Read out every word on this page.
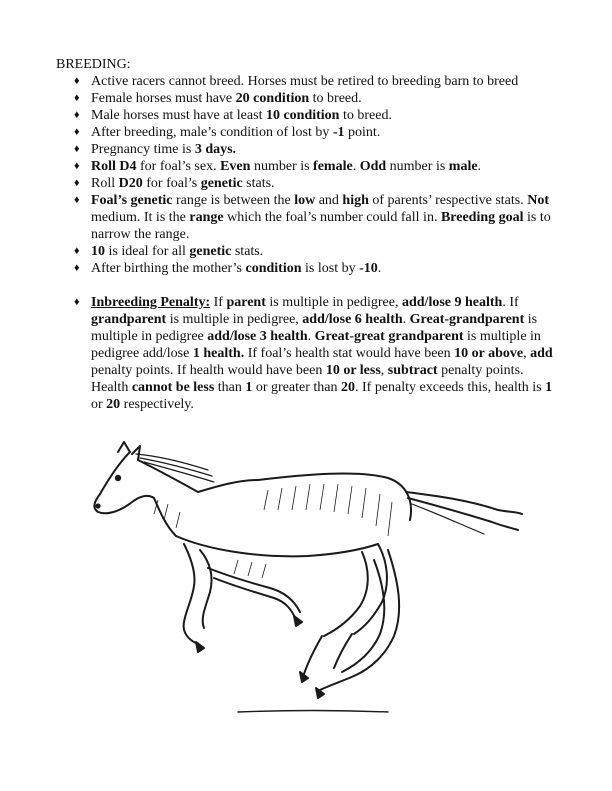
BREEDING:
♦ Active racers cannot breed. Horses must be retired to breeding barn to breed
♦ Female horses must have 20 condition to breed.
♦ Male horses must have at least 10 condition to breed.
♦ After breeding, male’s condition of lost by -1 point.
♦ Pregnancy time is 3 days.
♦ Roll D4 for foal’s sex. Even number is female. Odd number is male.
♦ Roll D20 for foal’s genetic stats.
♦ Foal’s genetic range is between the low and high of parents’ respective stats. Not medium. It is the range which the foal’s number could fall in. Breeding goal is to narrow the range.
♦ 10 is ideal for all genetic stats.
♦ After birthing the mother’s condition is lost by -10.
♦ Inbreeding Penalty: If parent is multiple in pedigree, add/lose 9 health. If grandparent is multiple in pedigree, add/lose 6 health. Great-grandparent is multiple in pedigree add/lose 3 health. Great-great grandparent is multiple in pedigree add/lose 1 health. If foal’s health stat would have been 10 or above, add penalty points. If health would have been 10 or less, subtract penalty points. Health cannot be less than 1 or greater than 20. If penalty exceeds this, health is 1 or 20 respectively.
